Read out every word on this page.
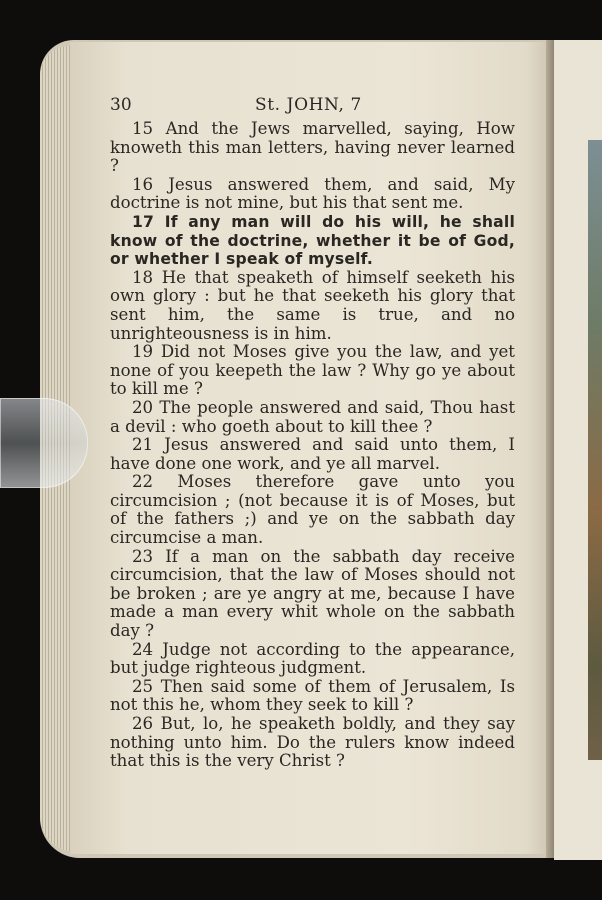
30	St. JOHN, 7

15 And the Jews marvelled, saying, How knoweth this man letters, having never learned ?

16 Jesus answered them, and said, My doctrine is not mine, but his that sent me.

17 If any man will do his will, he shall know of the doctrine, whether it be of God, or whether I speak of myself.

18 He that speaketh of himself seeketh his own glory : but he that seeketh his glory that sent him, the same is true, and no unrighteousness is in him.

19 Did not Moses give you the law, and yet none of you keepeth the law ? Why go ye about to kill me ?

20 The people answered and said, Thou hast a devil : who goeth about to kill thee ?

21 Jesus answered and said unto them, I have done one work, and ye all marvel.

22 Moses therefore gave unto you circumcision ; (not because it is of Moses, but of the fathers ;) and ye on the sabbath day circumcise a man.

23 If a man on the sabbath day receive circumcision, that the law of Moses should not be broken ; are ye angry at me, because I have made a man every whit whole on the sabbath day ?

24 Judge not according to the appearance, but judge righteous judgment.

25 Then said some of them of Jerusalem, Is not this he, whom they seek to kill ?

26 But, lo, he speaketh boldly, and they say nothing unto him. Do the rulers know indeed that this is the very Christ ?
